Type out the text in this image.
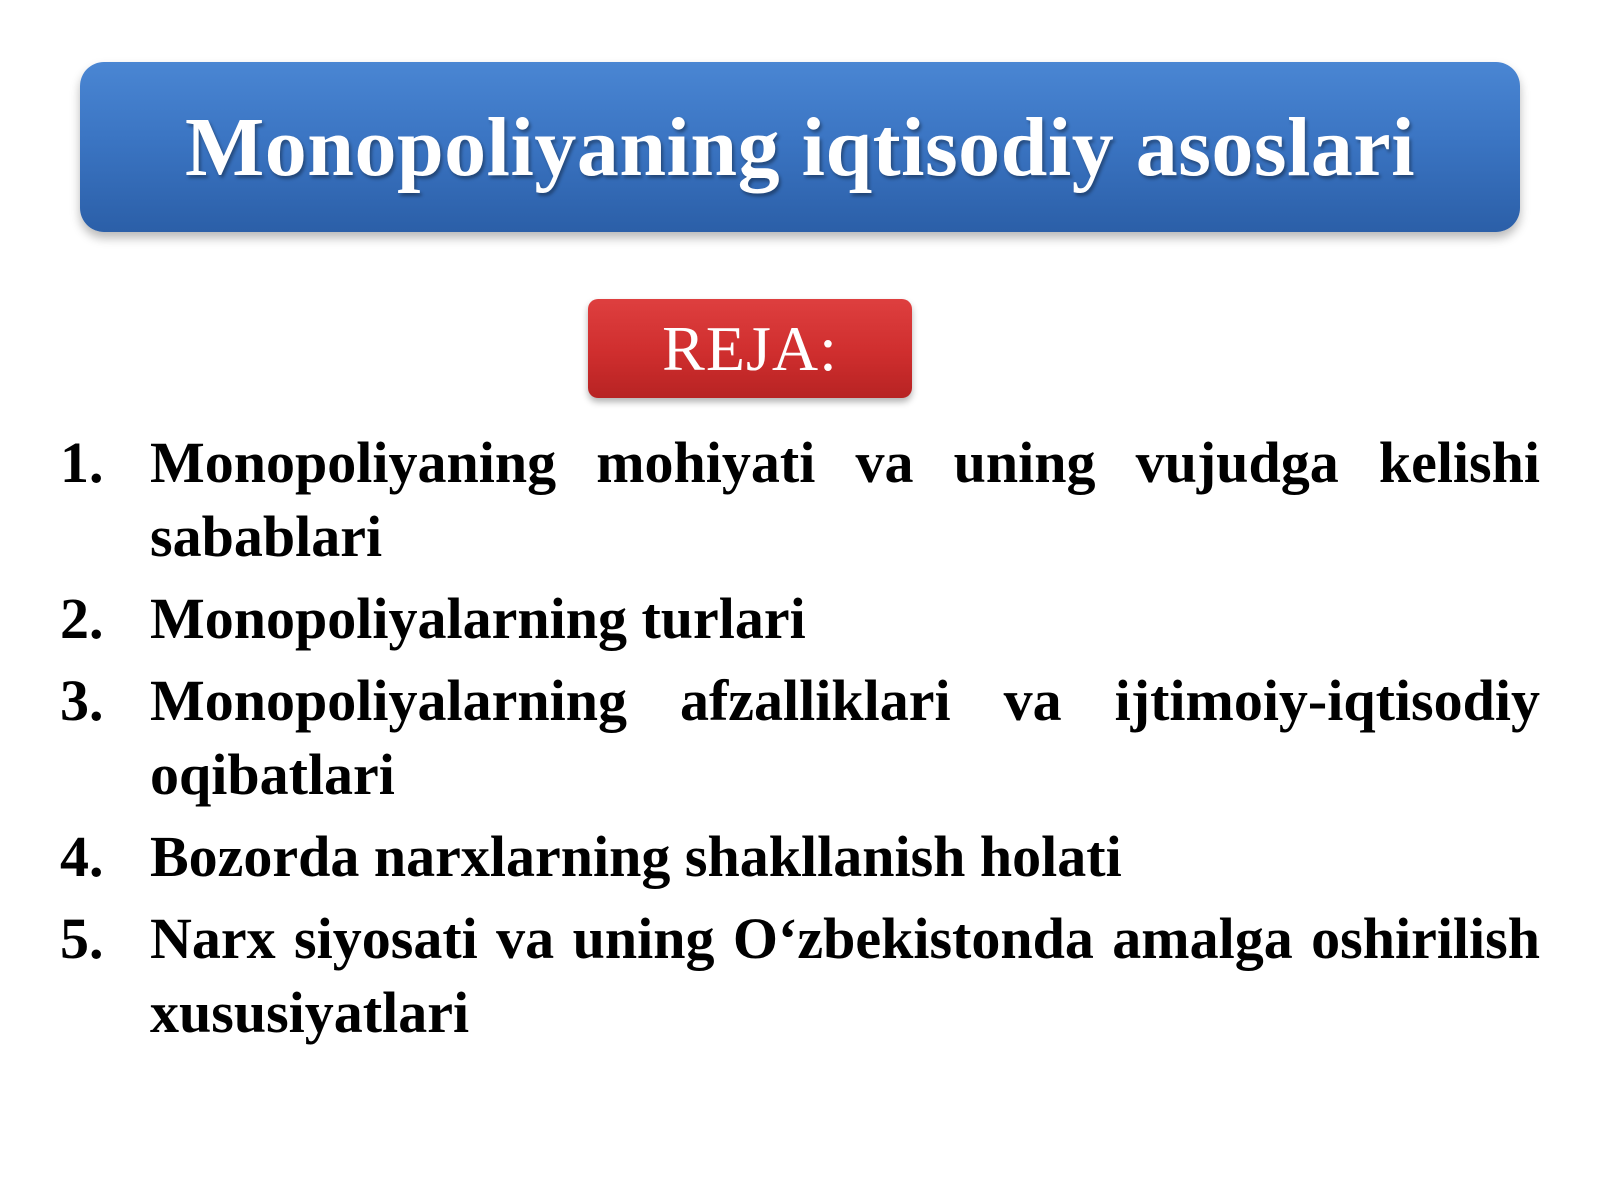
Monopoliyaning iqtisodiy asoslari
REJA:
1. Monopoliyaning mohiyati va uning vujudga kelishi sabablari
2. Monopoliyalarning turlari
3. Monopoliyalarning afzalliklari va ijtimoiy-iqtisodiy oqibatlari
4. Bozorda narxlarning shakllanish holati
5. Narx siyosati va uning O‘zbekistonda amalga oshirilish xususiyatlari
